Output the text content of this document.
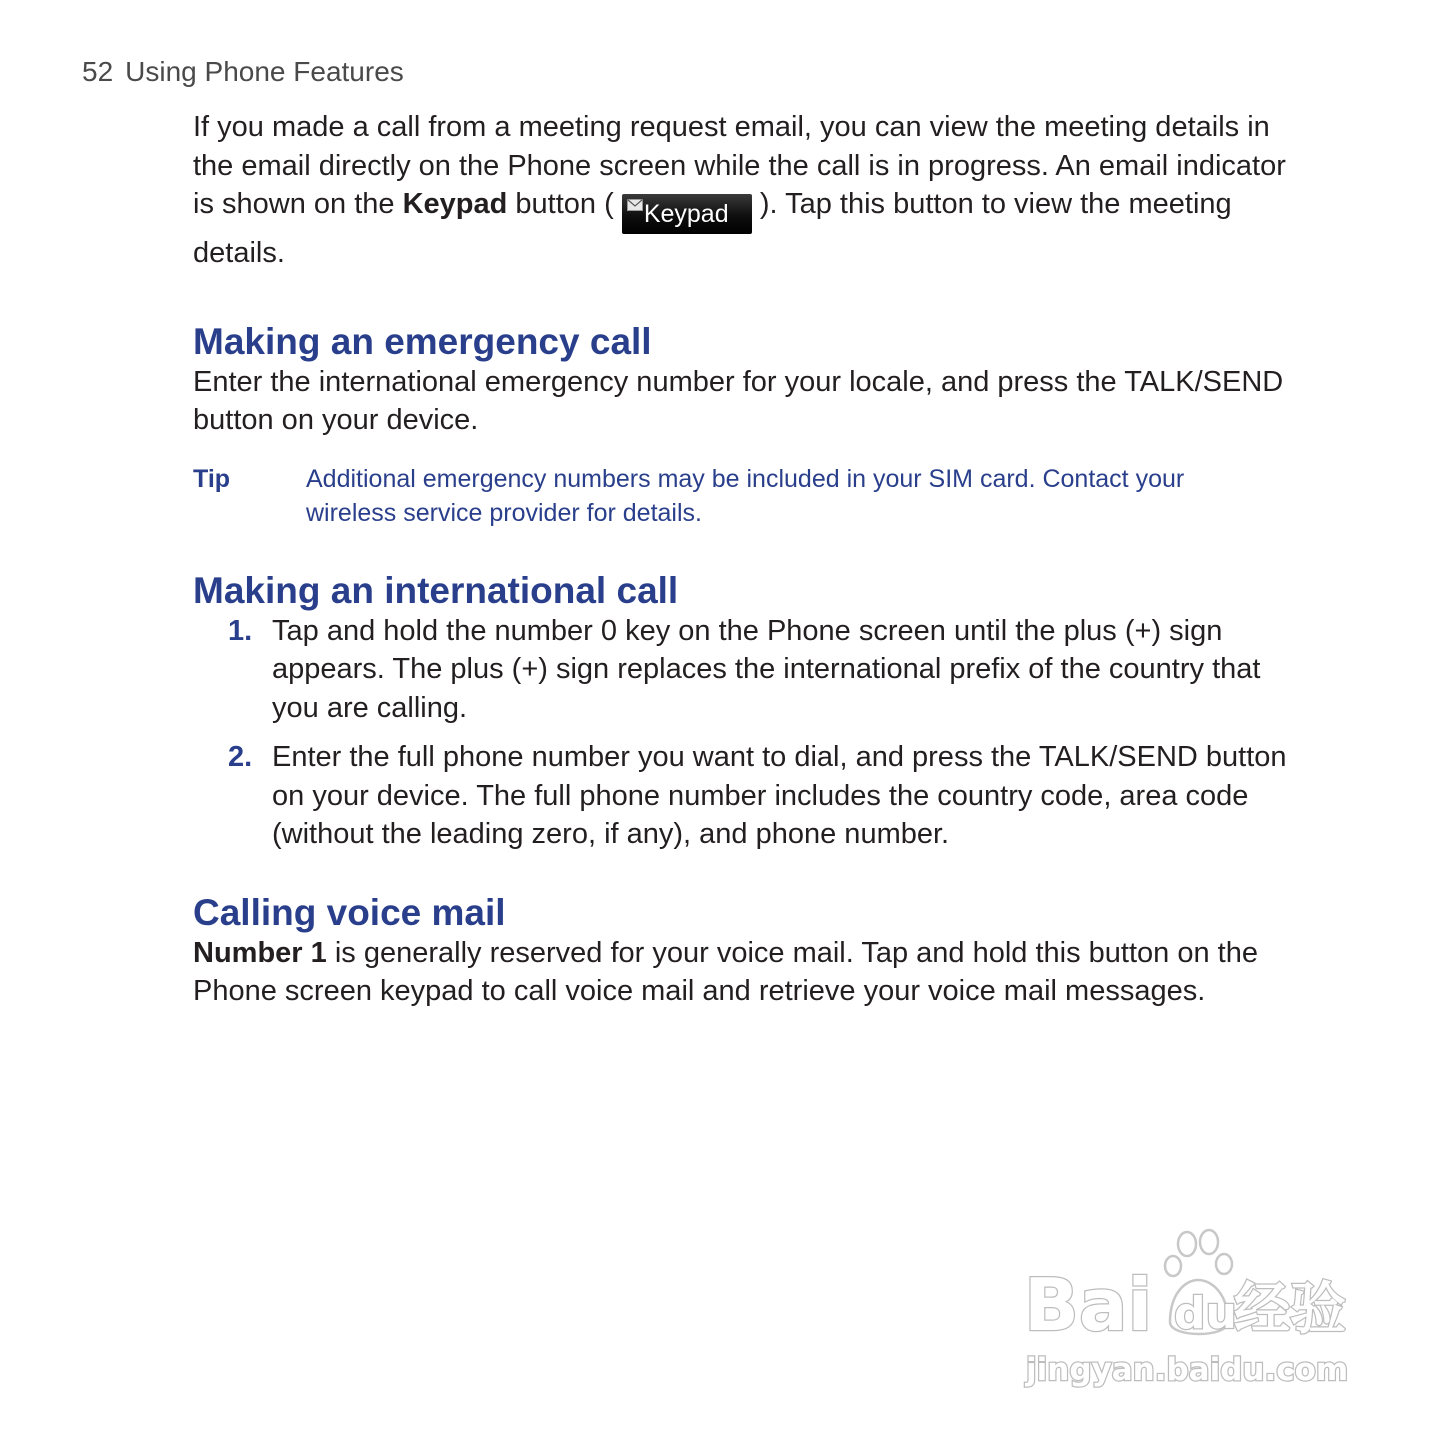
52 Using Phone Features

If you made a call from a meeting request email, you can view the meeting details in the email directly on the Phone screen while the call is in progress. An email indicator is shown on the Keypad button (
Keypad ). Tap this button to view the meeting details.

Making an emergency call

Enter the international emergency number for your locale, and press the TALK/SEND button on your device.

Tip	Additional emergency numbers may be included in your SIM card. Contact your wireless service provider for details.
Making an international call
1. Tap and hold the number 0 key on the Phone screen until the plus (+) sign appears. The plus (+) sign replaces the international prefix of the country that you are calling.
2. Enter the full phone number you want to dial, and press the TALK/SEND button on your device. The full phone number includes the country code, area code (without the leading zero, if any), and phone number.
Calling voice mail

Number 1 is generally reserved for your voice mail. Tap and hold this button on the Phone screen keypad to call voice mail and retrieve your voice mail messages.

Bai du
经验
jingyan.baidu.com
